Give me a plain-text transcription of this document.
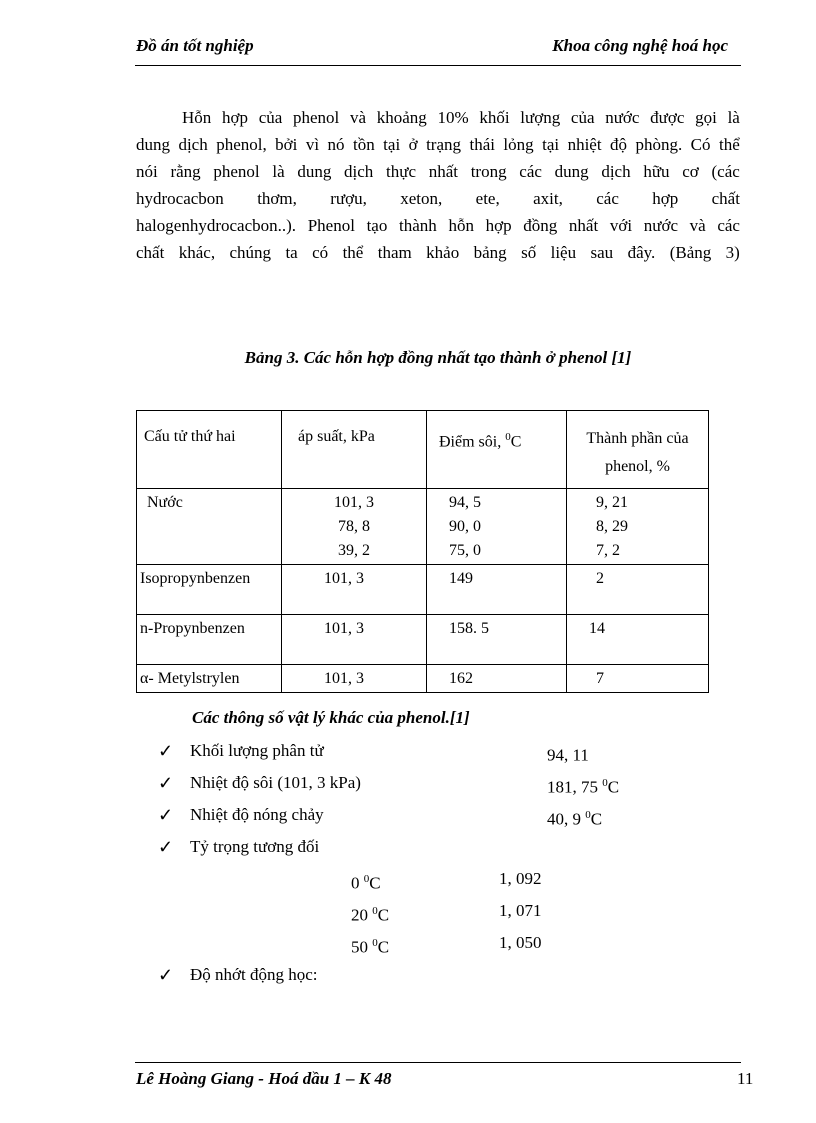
Đồ án tốt nghiệp	Khoa công nghệ hoá học
Hỗn hợp của phenol và khoảng 10% khối lượng của nước được gọi là
dung dịch phenol, bởi vì nó tồn tại ở trạng thái lỏng tại nhiệt độ phòng. Có thể
nói rằng phenol là dung dịch thực nhất trong các dung dịch hữu cơ (các
hydrocacbon thơm, rượu, xeton, ete, axit, các hợp chất
halogenhydrocacbon..). Phenol tạo thành hỗn hợp đồng nhất với nước và các
chất khác, chúng ta có thể tham khảo bảng số liệu sau đây. (Bảng 3)
Bảng 3. Các hỗn hợp đồng nhất tạo thành ở phenol [1]
Cấu tử thứ hai	áp suất, kPa	Điểm sôi, $^0$C	Thành phần của phenol, %

Nước	101, 3
78, 8
39, 2	94, 5
90, 0
75, 0	9, 21
8, 29
7, 2

Isopropynbenzen	101, 3	149	2

n-Propynbenzen	101, 3	158. 5	14

α- Metylstrylen	101, 3	162	7
Các thông số vật lý khác của phenol.[1]
✓ Khối lượng phân tử	94, 11
✓ Nhiệt độ sôi (101, 3 kPa)	181, 75 $^0$C
✓ Nhiệt độ nóng chảy	40, 9 $^0$C
✓ Tỷ trọng tương đối
0 $^0$C	1, 092
20 $^0$C	1, 071
50 $^0$C	1, 050
✓ Độ nhớt động học:
Lê Hoàng Giang - Hoá dầu 1 – K 48	11
